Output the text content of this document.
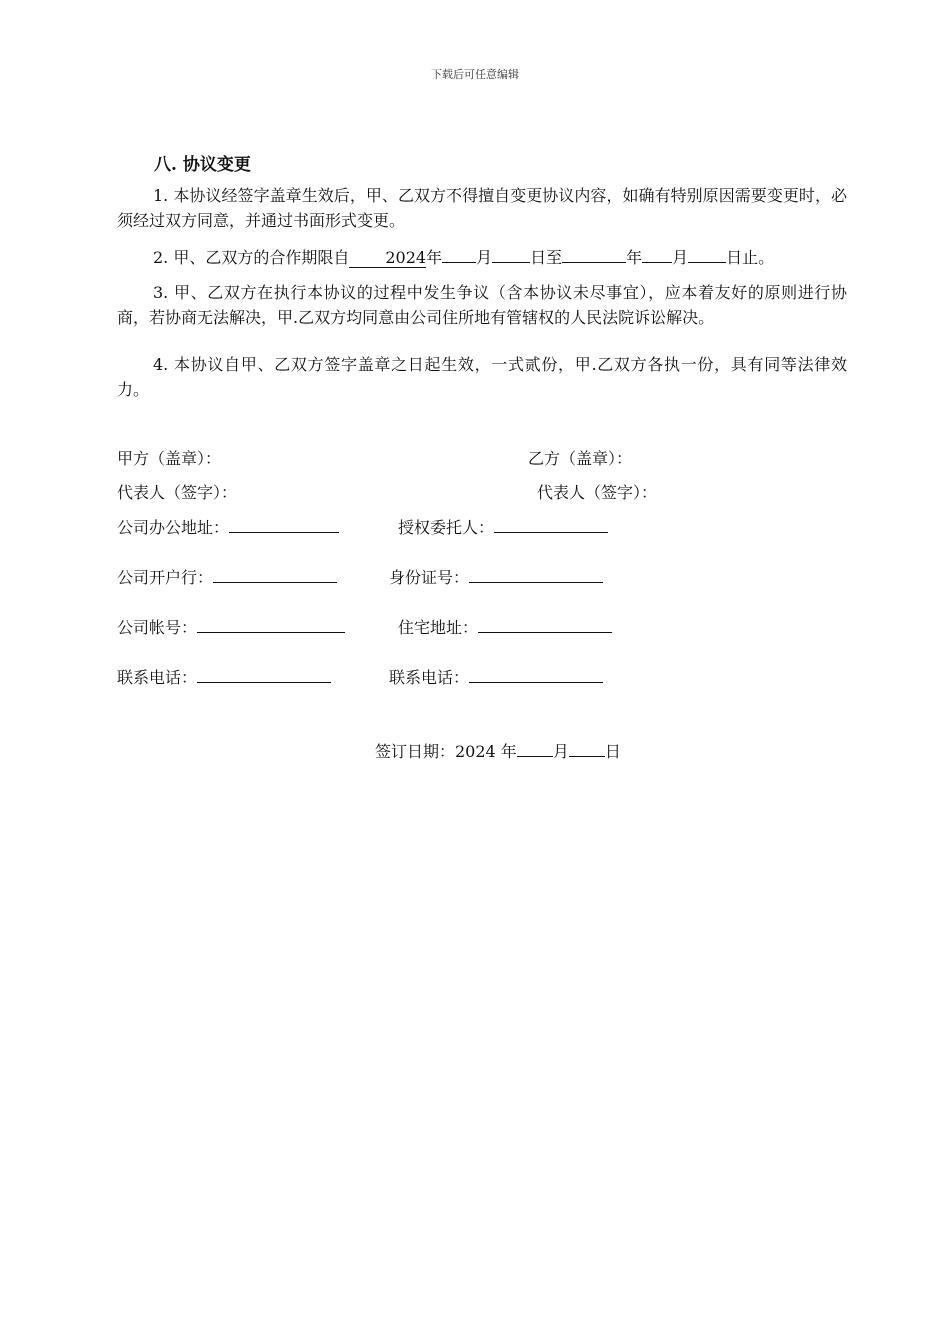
下载后可任意编辑
八. 协议变更
1. 本协议经签字盖章生效后，甲、乙双方不得擅自变更协议内容，如确有特别原因需要变更时，必须经过双方同意，并通过书面形式变更。
2. 甲、乙双方的合作期限自 2024年 月 日至	年 月 日止。
3. 甲、乙双方在执行本协议的过程中发生争议（含本协议未尽事宜），应本着友好的原则进行协商，若协商无法解决，甲.乙双方均同意由公司住所地有管辖权的人民法院诉讼解决。
4. 本协议自甲、乙双方签字盖章之日起生效，一式贰份，甲.乙双方各执一份，具有同等法律效力。
甲方（盖章）：	乙方（盖章）：
代表人（签字）：	代表人（签字）：
公司办公地址：	授权委托人：
公司开户行：	身份证号：
公司帐号：	住宅地址：
联系电话：	联系电话：
签订日期：2024 年 月 日
